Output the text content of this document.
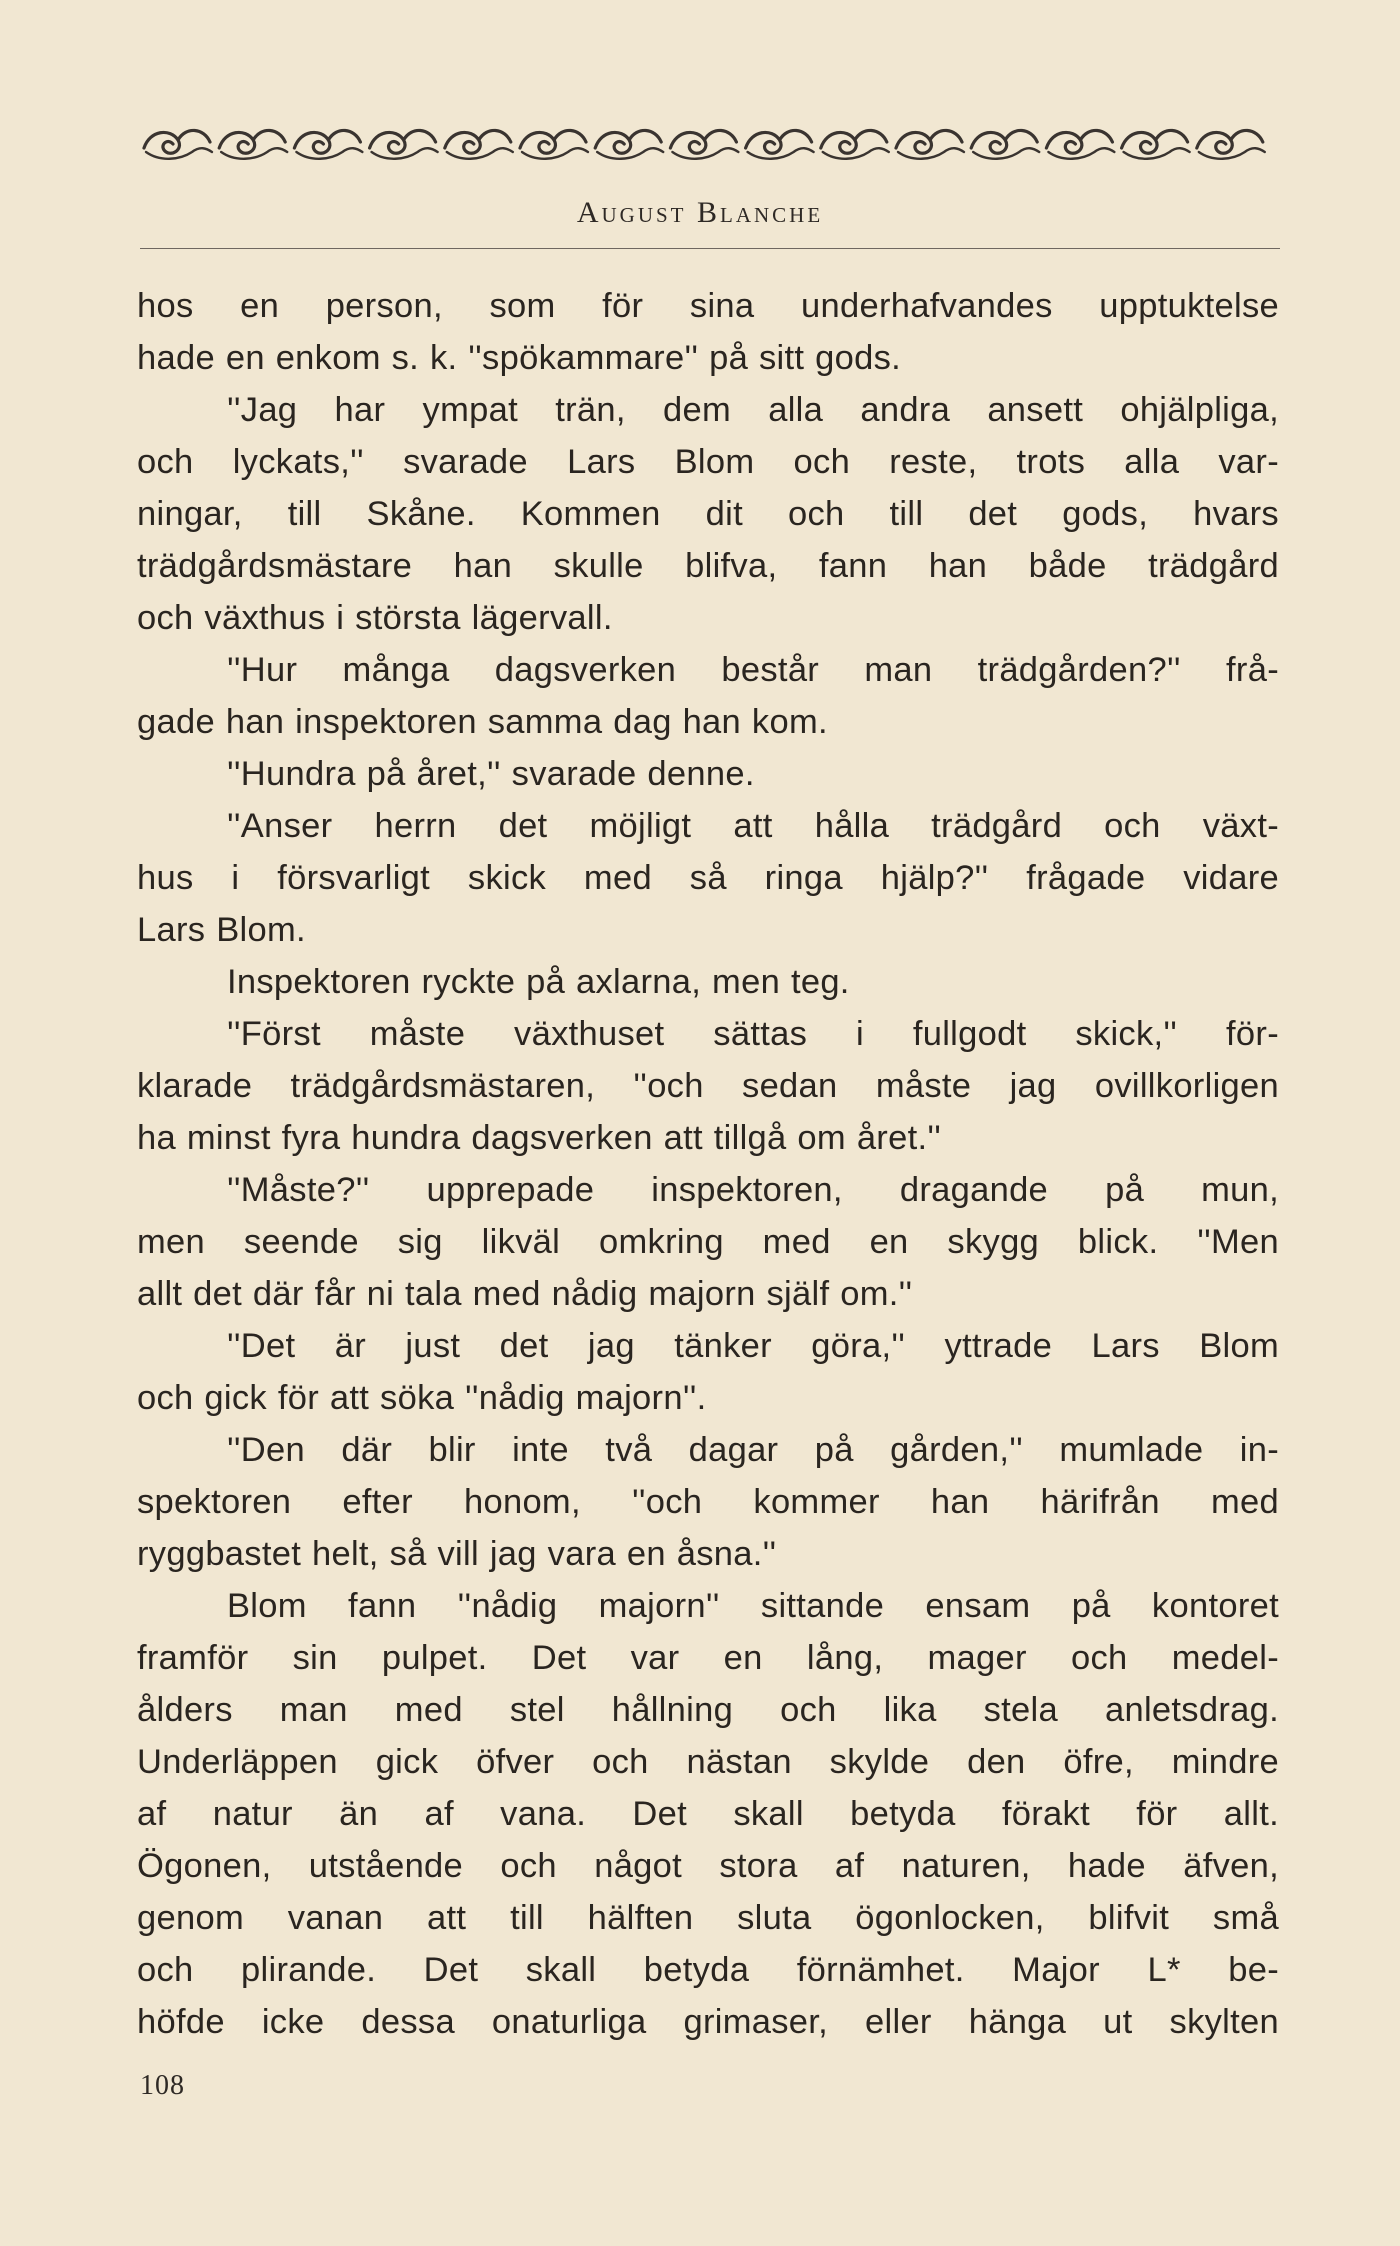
August Blanche
hos en person, som för sina underhafvandes upptuktelse
hade en enkom s. k. ''spökammare'' på sitt gods.
''Jag har ympat trän, dem alla andra ansett ohjälpliga,
och lyckats,'' svarade Lars Blom och reste, trots alla var-
ningar, till Skåne. Kommen dit och till det gods, hvars
trädgårdsmästare han skulle blifva, fann han både trädgård
och växthus i största lägervall.
''Hur många dagsverken består man trädgården?'' frå-
gade han inspektoren samma dag han kom.
''Hundra på året,'' svarade denne.
''Anser herrn det möjligt att hålla trädgård och växt-
hus i försvarligt skick med så ringa hjälp?'' frågade vidare
Lars Blom.
Inspektoren ryckte på axlarna, men teg.
''Först måste växthuset sättas i fullgodt skick,'' för-
klarade trädgårdsmästaren, ''och sedan måste jag ovillkorligen
ha minst fyra hundra dagsverken att tillgå om året.''
''Måste?'' upprepade inspektoren, dragande på mun,
men seende sig likväl omkring med en skygg blick. ''Men
allt det där får ni tala med nådig majorn själf om.''
''Det är just det jag tänker göra,'' yttrade Lars Blom
och gick för att söka ''nådig majorn''.
''Den där blir inte två dagar på gården,'' mumlade in-
spektoren efter honom, ''och kommer han härifrån med
ryggbastet helt, så vill jag vara en åsna.''
Blom fann ''nådig majorn'' sittande ensam på kontoret
framför sin pulpet. Det var en lång, mager och medel-
ålders man med stel hållning och lika stela anletsdrag.
Underläppen gick öfver och nästan skylde den öfre, mindre
af natur än af vana. Det skall betyda förakt för allt.
Ögonen, utstående och något stora af naturen, hade äfven,
genom vanan att till hälften sluta ögonlocken, blifvit små
och plirande. Det skall betyda förnämhet. Major L* be-
höfde icke dessa onaturliga grimaser, eller hänga ut skylten
108
